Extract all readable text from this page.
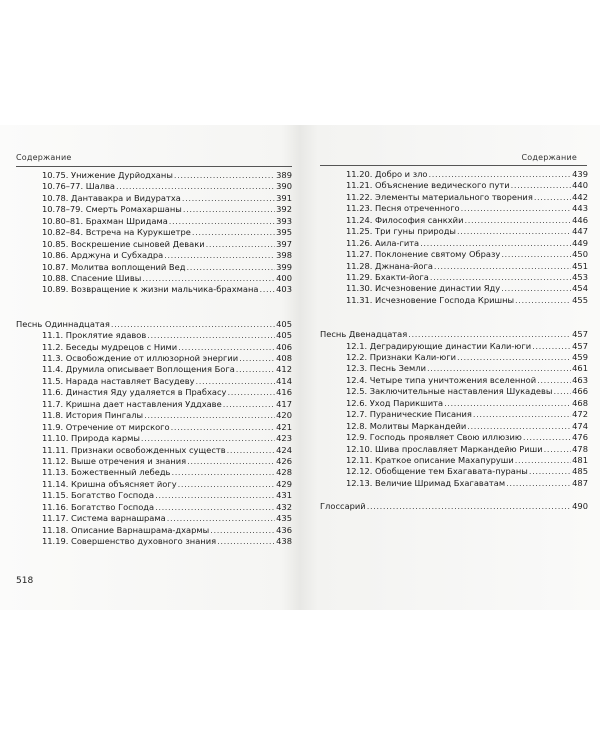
Содержание
10.75. Унижение Дурйодханы .....	389
10.76–77. Шалва .....	390
10.78. Дантавакра и Видуратха .....	391
10.78–79. Смерть Ромахаршаны .....	392
10.80–81. Брахман Шридама .....	393
10.82–84. Встреча на Курукшетре .....	395
10.85. Воскрешение сыновей Деваки .....	397
10.86. Арджуна и Субхадра .....	398
10.87. Молитва воплощений Вед .....	399
10.88. Спасение Шивы .....	400
10.89. Возвращение к жизни мальчика-брахмана ..... 403
Песнь Одиннадцатая .....	405
11.1. Проклятие ядавов .....	405
11.2. Беседы мудрецов с Ними .....	406
11.3. Освобождение от иллюзорной энергии .....	408
11.4. Друмила описывает Воплощения Бога .....	412
11.5. Нарада наставляет Васудеву .....	414
11.6. Династия Яду удаляется в Прабхасу .....	416
11.7. Кришна дает наставления Уддхаве .....	417
11.8. История Пингалы .....	420
11.9. Отречение от мирского .....	421
11.10. Природа кармы .....	423
11.11. Признаки освобожденных существ .....	424
11.12. Выше отречения и знания .....	426
11.13. Божественный лебедь .....	428
11.14. Кришна объясняет йогу .....	429
11.15. Богатство Господа .....	431
11.16. Богатство Господа .....	432
11.17. Система варнашрама .....	435
11.18. Описание Варнашрама-дхармы .....	436
11.19. Совершенство духовного знания .....	438
518
Содержание
11.20. Добро и зло .....	439
11.21. Объяснение ведического пути .....	440
11.22. Элементы материального творения .....	442
11.23. Песня отреченного .....	443
11.24. Философия санкхйи .....	446
11.25. Три гуны природы .....	447
11.26. Аила-гита .....	449
11.27. Поклонение святому Образу .....	450
11.28. Джнана-йога .....	451
11.29. Бхакти-йога .....	453
11.30. Исчезновение династии Яду .....	454
11.31. Исчезновение Господа Кришны .....	455
Песнь Двенадцатая .....	457
12.1. Деградирующие династии Кали-юги .....	457
12.2. Признаки Кали-юги .....	459
12.3. Песнь Земли .....	461
12.4. Четыре типа уничтожения вселенной .....	463
12.5. Заключительные наставления Шукадевы ..... 466
12.6. Уход Парикшита .....	468
12.7. Пуранические Писания .....	472
12.8. Молитвы Маркандейи .....	474
12.9. Господь проявляет Свою иллюзию .....	476
12.10. Шива прославляет Маркандейю Риши .....	478
12.11. Краткое описание Махапуруши .....	481
12.12. Обобщение тем Бхагавата-пураны .....	485
12.13. Величие Шримад Бхагаватам .....	487
Глоссарий .....	490
